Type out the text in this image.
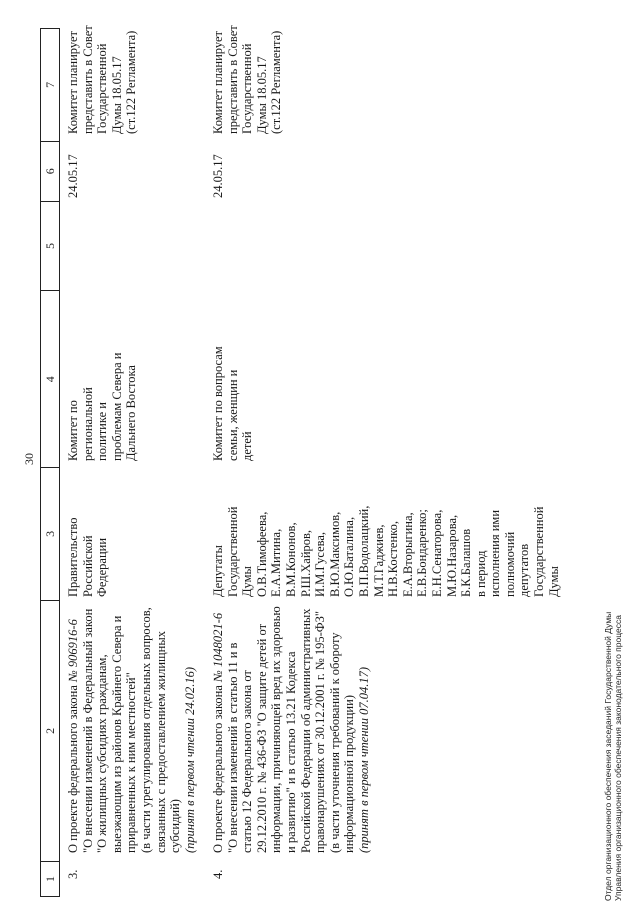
30
1
2
3
4
5
6
7
3.
О проекте федерального закона № 906916-6 "О внесении изменений в Федеральный закон "О жилищных субсидиях гражданам, выезжающим из районов Крайнего Севера и приравненных к ним местностей" (в части урегулирования отдельных вопросов, связанных с предоставлением жилищных субсидий) (принят в первом чтении 24.02.16)
Правительство Российской Федерации
Комитет по региональной политике и проблемам Севера и Дальнего Востока
24.05.17
Комитет планирует представить в Совет Государственной Думы 18.05.17 (ст.122 Регламента)
4.
О проекте федерального закона № 1048021-6 "О внесении изменений в статью 11 и в статью 12 Федерального закона от 29.12.2010 г. № 436-ФЗ "О защите детей от информации, причиняющей вред их здоровью и развитию" и в статью 13.21 Кодекса Российской Федерации об административных правонарушениях от 30.12.2001 г. № 195-ФЗ" (в части уточнения требований к обороту информационной продукции) (принят в первом чтении 07.04.17)
Депутаты Государственной Думы О.В.Тимофеева, Е.А.Митина, В.М.Кононов, Р.Ш.Хайров, И.М.Гусева, В.Ю.Максимов, О.Ю.Баталина, В.П.Водолацкий, М.Т.Гаджиев, Н.В.Костенко, Е.А.Вторыгина, Е.В.Бондаренко; Е.Н.Сенаторова, М.Ю.Назарова, Б.К.Балашов в период исполнения ими полномочий депутатов Государственной Думы
Комитет по вопросам семьи, женщин и детей
24.05.17
Комитет планирует представить в Совет Государственной Думы 18.05.17 (ст.122 Регламента)
Отдел организационного обеспечения заседаний Государственной Думы Управления организационного обеспечения законодательного процесса
